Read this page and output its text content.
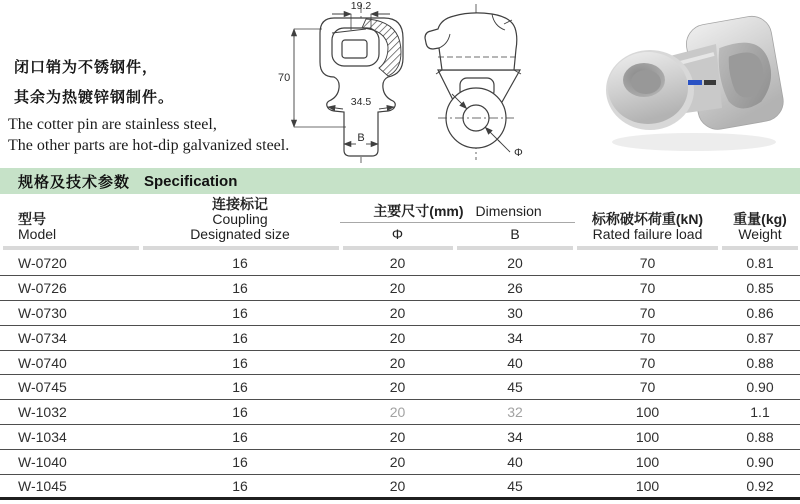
闭口销为不锈钢件，
其余为热镀锌钢制件。
The cotter pin are stainless steel,
The other parts are hot-dip galvanized steel.
19.2
70
34.5
B
Φ
规格及技术参数 Specification
型号
Model
连接标记
Coupling
Designated size
主要尺寸(mm) Dimension
Φ	B
标称破坏荷重(kN)
Rated failure load
重量(kg)
Weight
W-0720	16	20	20	70	0.81
W-0726	16	20	26	70	0.85
W-0730	16	20	30	70	0.86
W-0734	16	20	34	70	0.87
W-0740	16	20	40	70	0.88
W-0745	16	20	45	70	0.90
W-1032	16	20	32	100	1.1
W-1034	16	20	34	100	0.88
W-1040	16	20	40	100	0.90
W-1045	16	20	45	100	0.92
